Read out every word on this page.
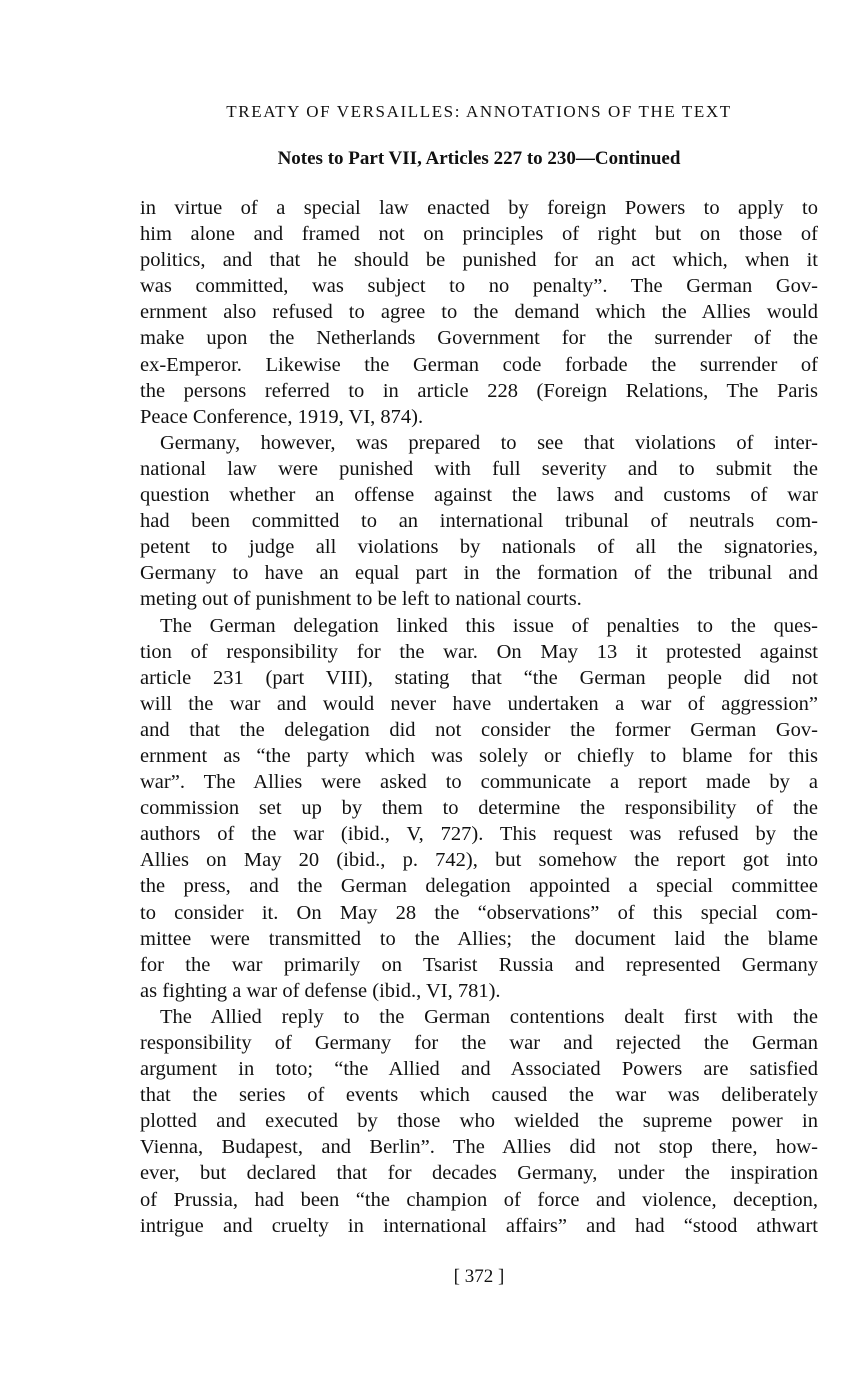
TREATY OF VERSAILLES: ANNOTATIONS OF THE TEXT
Notes to Part VII, Articles 227 to 230—Continued
in virtue of a special law enacted by foreign Powers to apply to
him alone and framed not on principles of right but on those of
politics, and that he should be punished for an act which, when it
was committed, was subject to no penalty”. The German Gov-
ernment also refused to agree to the demand which the Allies would
make upon the Netherlands Government for the surrender of the
ex-Emperor. Likewise the German code forbade the surrender of
the persons referred to in article 228 (Foreign Relations, The Paris
Peace Conference, 1919, VI, 874).
Germany, however, was prepared to see that violations of inter-
national law were punished with full severity and to submit the
question whether an offense against the laws and customs of war
had been committed to an international tribunal of neutrals com-
petent to judge all violations by nationals of all the signatories,
Germany to have an equal part in the formation of the tribunal and
meting out of punishment to be left to national courts.
The German delegation linked this issue of penalties to the ques-
tion of responsibility for the war. On May 13 it protested against
article 231 (part VIII), stating that “the German people did not
will the war and would never have undertaken a war of aggression”
and that the delegation did not consider the former German Gov-
ernment as “the party which was solely or chiefly to blame for this
war”. The Allies were asked to communicate a report made by a
commission set up by them to determine the responsibility of the
authors of the war (ibid., V, 727). This request was refused by the
Allies on May 20 (ibid., p. 742), but somehow the report got into
the press, and the German delegation appointed a special committee
to consider it. On May 28 the “observations” of this special com-
mittee were transmitted to the Allies; the document laid the blame
for the war primarily on Tsarist Russia and represented Germany
as fighting a war of defense (ibid., VI, 781).
The Allied reply to the German contentions dealt first with the
responsibility of Germany for the war and rejected the German
argument in toto; “the Allied and Associated Powers are satisfied
that the series of events which caused the war was deliberately
plotted and executed by those who wielded the supreme power in
Vienna, Budapest, and Berlin”. The Allies did not stop there, how-
ever, but declared that for decades Germany, under the inspiration
of Prussia, had been “the champion of force and violence, deception,
intrigue and cruelty in international affairs” and had “stood athwart
[ 372 ]
